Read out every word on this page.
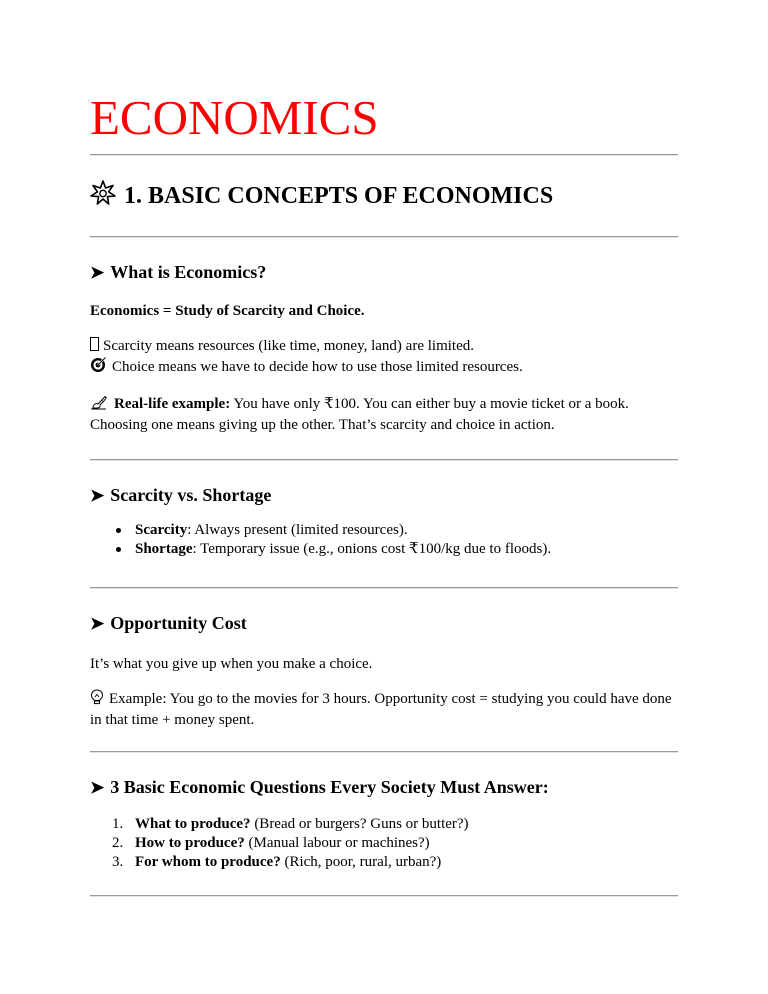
ECONOMICS
1. BASIC CONCEPTS OF ECONOMICS
➤ What is Economics?
Economics = Study of Scarcity and Choice.
Scarcity means resources (like time, money, land) are limited.
Choice means we have to decide how to use those limited resources.
Real-life example: You have only ₹100. You can either buy a movie ticket or a book. Choosing one means giving up the other. That’s scarcity and choice in action.
➤ Scarcity vs. Shortage
Scarcity: Always present (limited resources).
Shortage: Temporary issue (e.g., onions cost ₹100/kg due to floods).
➤ Opportunity Cost
It’s what you give up when you make a choice.
Example: You go to the movies for 3 hours. Opportunity cost = studying you could have done in that time + money spent.
➤ 3 Basic Economic Questions Every Society Must Answer:
1. What to produce? (Bread or burgers? Guns or butter?)
2. How to produce? (Manual labour or machines?)
3. For whom to produce? (Rich, poor, rural, urban?)
